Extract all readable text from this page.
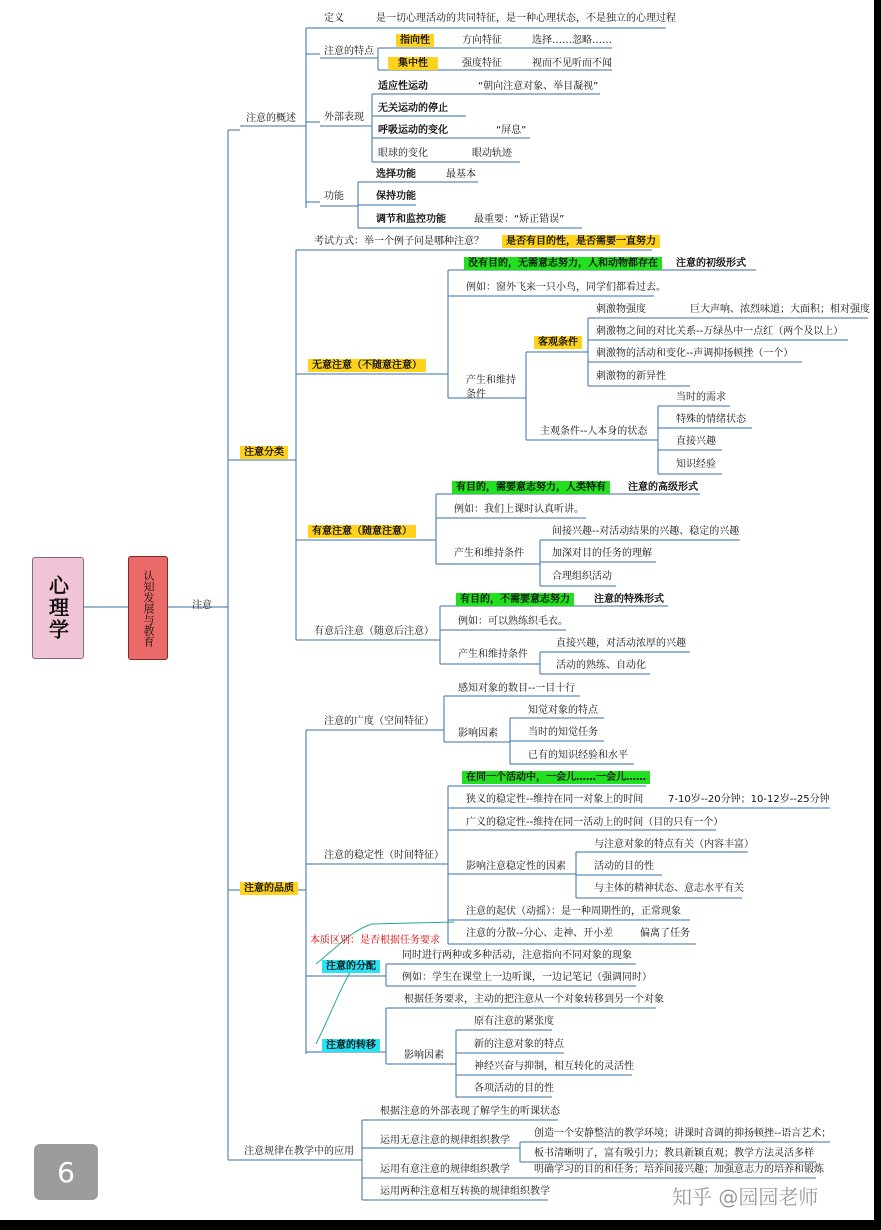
心理学	认知发展与教育	注意
注意的概述
定义	是一切心理活动的共同特征，是一种心理状态，不是独立的心理过程
注意的特点
指向性	方向特征	选择……忽略……
集中性	强度特征	视而不见听而不闻
外部表现
适应性运动	“朝向注意对象、举目凝视”
无关运动的停止
呼吸运动的变化	“屏息”
眼球的变化	眼动轨迹
功能
选择功能	最基本
保持功能
调节和监控功能	最重要：“矫正错误”
注意分类
考试方式：举一个例子问是哪种注意？	是否有目的性，是否需要一直努力
无意注意（不随意注意）
没有目的，无需意志努力，人和动物都存在	注意的初级形式
例如：窗外飞来一只小鸟，同学们都看过去。
产生和维持条件
客观条件
刺激物强度	巨大声响、浓烈味道；大面积；相对强度
刺激物之间的对比关系--万绿丛中一点红（两个及以上）
刺激物的活动和变化--声调抑扬顿挫（一个）
刺激物的新异性
主观条件--人本身的状态
当时的需求
特殊的情绪状态
直接兴趣
知识经验
有意注意（随意注意）
有目的，需要意志努力，人类特有	注意的高级形式
例如：我们上课时认真听讲。
产生和维持条件
间接兴趣--对活动结果的兴趣、稳定的兴趣
加深对目的任务的理解
合理组织活动
有意后注意（随意后注意）
有目的，不需要意志努力	注意的特殊形式
例如：可以熟练织毛衣。
产生和维持条件
直接兴趣，对活动浓厚的兴趣
活动的熟练、自动化
注意的品质
注意的广度（空间特征）
感知对象的数目--一目十行
影响因素
知觉对象的特点
当时的知觉任务
已有的知识经验和水平
注意的稳定性（时间特征）
在同一个活动中，一会儿……一会儿……
狭义的稳定性--维持在同一对象上的时间 7-10岁--20分钟；10-12岁--25分钟
广义的稳定性--维持在同一活动上的时间（目的只有一个）
影响注意稳定性的因素
与注意对象的特点有关（内容丰富）
活动的目的性
与主体的精神状态、意志水平有关
注意的起伏（动摇）：是一种周期性的，正常现象
注意的分散--分心、走神、开小差	偏离了任务
本质区别：是否根据任务要求
注意的分配
同时进行两种或多种活动，注意指向不同对象的现象
例如：学生在课堂上一边听课，一边记笔记（强调同时）
注意的转移
根据任务要求，主动的把注意从一个对象转移到另一个对象
影响因素
原有注意的紧张度
新的注意对象的特点
神经兴奋与抑制，相互转化的灵活性
各项活动的目的性
注意规律在教学中的应用
根据注意的外部表现了解学生的听课状态
运用无意注意的规律组织教学
创造一个安静整洁的教学环境；讲课时音调的抑扬顿挫--语言艺术；
板书清晰明了，富有吸引力；教具新颖直观；教学方法灵活多样
运用有意注意的规律组织教学 明确学习的目的和任务；培养间接兴趣；加强意志力的培养和锻炼
运用两种注意相互转换的规律组织教学
6
知乎 @园园老师
